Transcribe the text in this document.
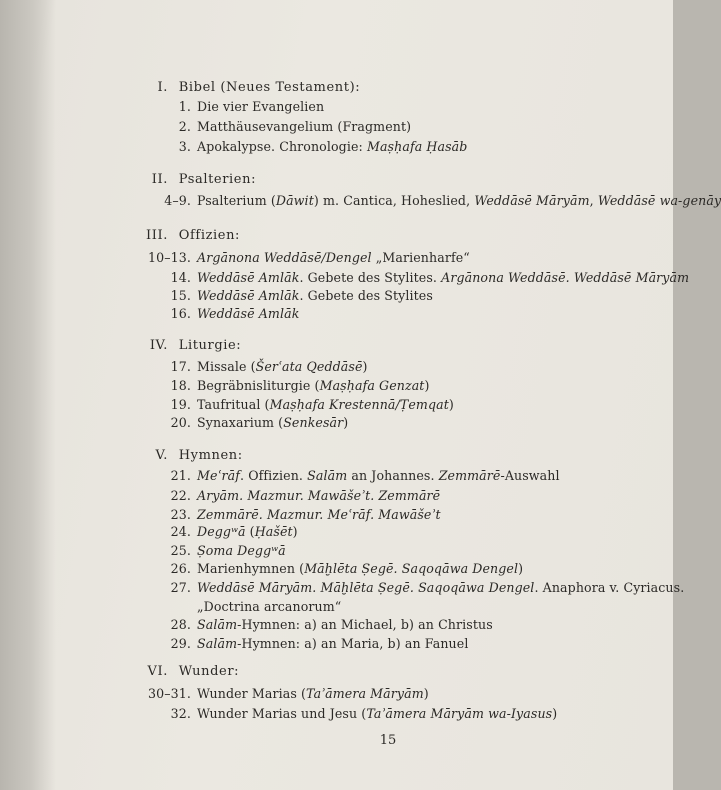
I. Bibel (Neues Testament):
1. Die vier Evangelien
2. Matthäusevangelium (Fragment)
3. Apokalypse. Chronologie: Maṣḥafa Ḥasāb
II. Psalterien:
4–9. Psalterium (Dāwit) m. Cantica, Hoheslied, Weddāsē Māryām, Weddāsē wa-genāy
III. Offizien:
10–13. Argānona Weddāsē/Dengel „Marienharfe“
14. Weddāsē Amlāk. Gebete des Stylites. Argānona Weddāsē. Weddāsē Māryām
15. Weddāsē Amlāk. Gebete des Stylites
16. Weddāsē Amlāk
IV. Liturgie:
17. Missale (Šerʿata Qeddāsē)
18. Begräbnisliturgie (Maṣḥafa Genzat)
19. Taufritual (Maṣḥafa Krestennā/Ṭemqat)
20. Synaxarium (Senkesār)
V. Hymnen:
21. Meʿrāf. Offizien. Salām an Johannes. Zemmārē-Auswahl
22. Aryām. Mazmur. Mawāšeʾt. Zemmārē
23. Zemmārē. Mazmur. Meʿrāf. Mawāšeʾt
24. Deggʷā (Ḥašēt)
25. Ṣoma Deggʷā
26. Marienhymnen (Māḫlēta Ṣegē. Saqoqāwa Dengel)
27. Weddāsē Māryām. Māḫlēta Ṣegē. Saqoqāwa Dengel. Anaphora v. Cyriacus.
„Doctrina arcanorum“
28. Salām-Hymnen: a) an Michael, b) an Christus
29. Salām-Hymnen: a) an Maria, b) an Fanuel
VI. Wunder:
30–31. Wunder Marias (Taʾāmera Māryām)
32. Wunder Marias und Jesu (Taʾāmera Māryām wa-Iyasus)
15
